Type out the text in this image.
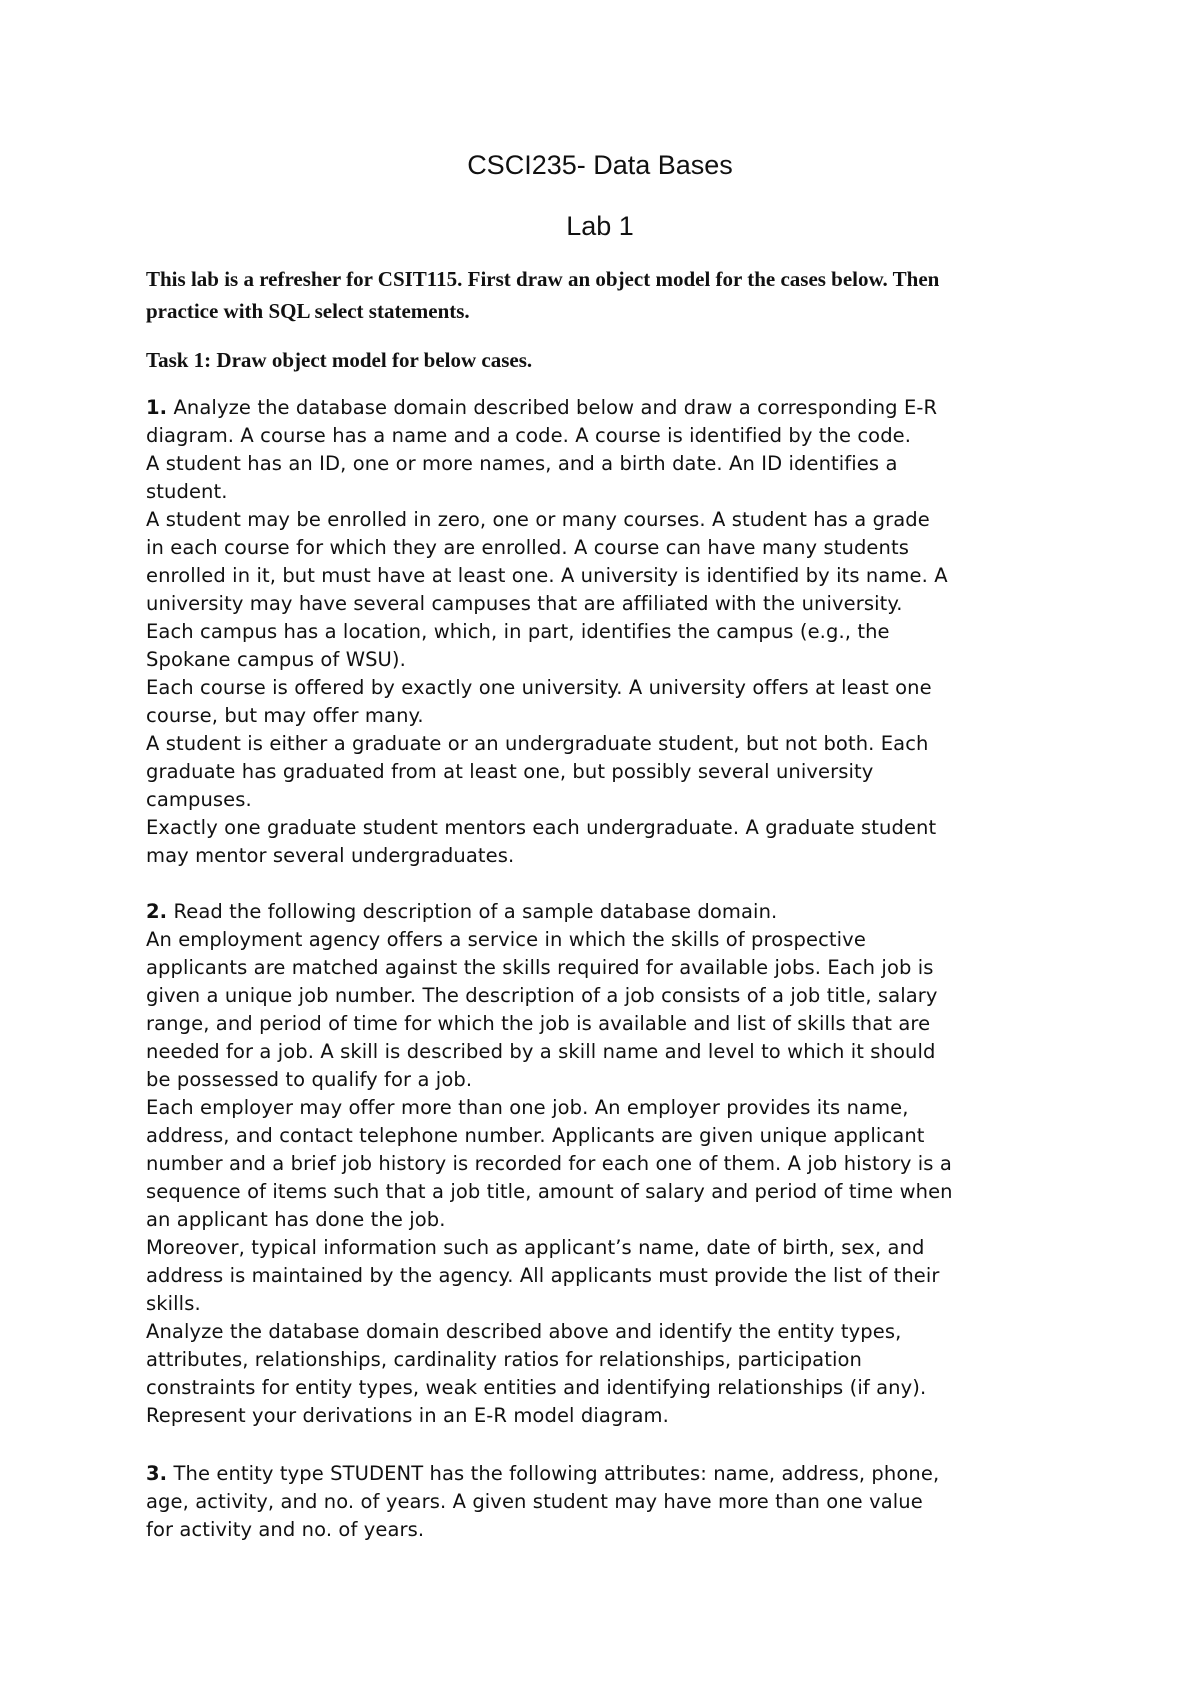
CSCI235- Data Bases
Lab 1
This lab is a refresher for CSIT115. First draw an object model for the cases below. Then
practice with SQL select statements.
Task 1: Draw object model for below cases.
1. Analyze the database domain described below and draw a corresponding E-R
diagram. A course has a name and a code. A course is identified by the code.
A student has an ID, one or more names, and a birth date. An ID identifies a
student.
A student may be enrolled in zero, one or many courses. A student has a grade
in each course for which they are enrolled. A course can have many students
enrolled in it, but must have at least one. A university is identified by its name. A
university may have several campuses that are affiliated with the university.
Each campus has a location, which, in part, identifies the campus (e.g., the
Spokane campus of WSU).
Each course is offered by exactly one university. A university offers at least one
course, but may offer many.
A student is either a graduate or an undergraduate student, but not both. Each
graduate has graduated from at least one, but possibly several university
campuses.
Exactly one graduate student mentors each undergraduate. A graduate student
may mentor several undergraduates.
2. Read the following description of a sample database domain.
An employment agency offers a service in which the skills of prospective
applicants are matched against the skills required for available jobs. Each job is
given a unique job number. The description of a job consists of a job title, salary
range, and period of time for which the job is available and list of skills that are
needed for a job. A skill is described by a skill name and level to which it should
be possessed to qualify for a job.
Each employer may offer more than one job. An employer provides its name,
address, and contact telephone number. Applicants are given unique applicant
number and a brief job history is recorded for each one of them. A job history is a
sequence of items such that a job title, amount of salary and period of time when
an applicant has done the job.
Moreover, typical information such as applicant’s name, date of birth, sex, and
address is maintained by the agency. All applicants must provide the list of their
skills.
Analyze the database domain described above and identify the entity types,
attributes, relationships, cardinality ratios for relationships, participation
constraints for entity types, weak entities and identifying relationships (if any).
Represent your derivations in an E-R model diagram.
3. The entity type STUDENT has the following attributes: name, address, phone,
age, activity, and no. of years. A given student may have more than one value
for activity and no. of years.
